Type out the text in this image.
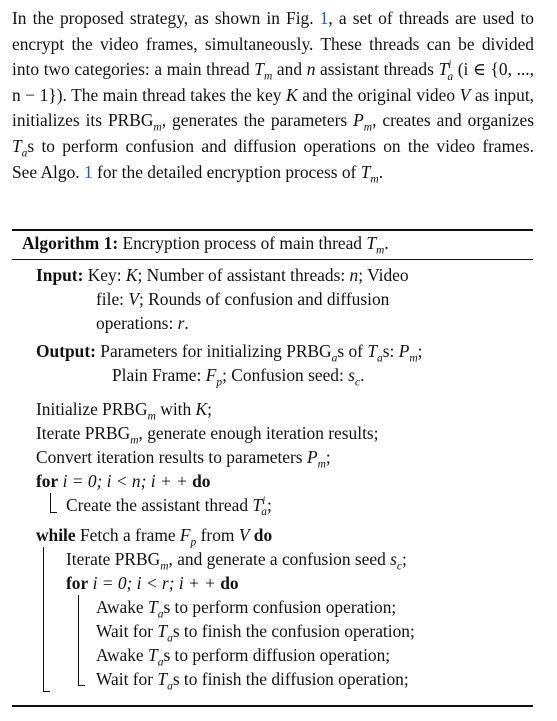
In the proposed strategy, as shown in Fig. 1, a set of threads are used to encrypt the video frames, simultaneously. These threads can be divided into two categories: a main thread $T_m$ and n assistant threads $T^i_a$ (i ∈ {0, ..., n − 1}). The main thread takes the key K and the original video V as input, initializes its $PRBG_m$, generates the parameters $P_m$, creates and organizes $T_as$ to perform confusion and diffusion operations on the video frames. See Algo. 1 for the detailed encryption process of $T_m$.
Algorithm 1: Encryption process of main thread $T_m$.
Input: Key: K; Number of assistant threads: n; Video
file: V; Rounds of confusion and diffusion
operations: r.
Output: Parameters for initializing $PRBG_as$ of $T_as$: $P_m$;
Plain Frame: $F_p$; Confusion seed: $s_c$.
Initialize $PRBG_m$ with K;
Iterate $PRBG_m$, generate enough iteration results;
Convert iteration results to parameters $P_m$;
for i = 0; i < n; i + + do
Create the assistant thread $T^i_a$;
while Fetch a frame $F_p$ from V do
Iterate $PRBG_m$, and generate a confusion seed $s_c$;
for i = 0; i < r; i + + do
Awake $T_as$ to perform confusion operation;
Wait for $T_as$ to finish the confusion operation;
Awake $T_as$ to perform diffusion operation;
Wait for $T_as$ to finish the diffusion operation;
